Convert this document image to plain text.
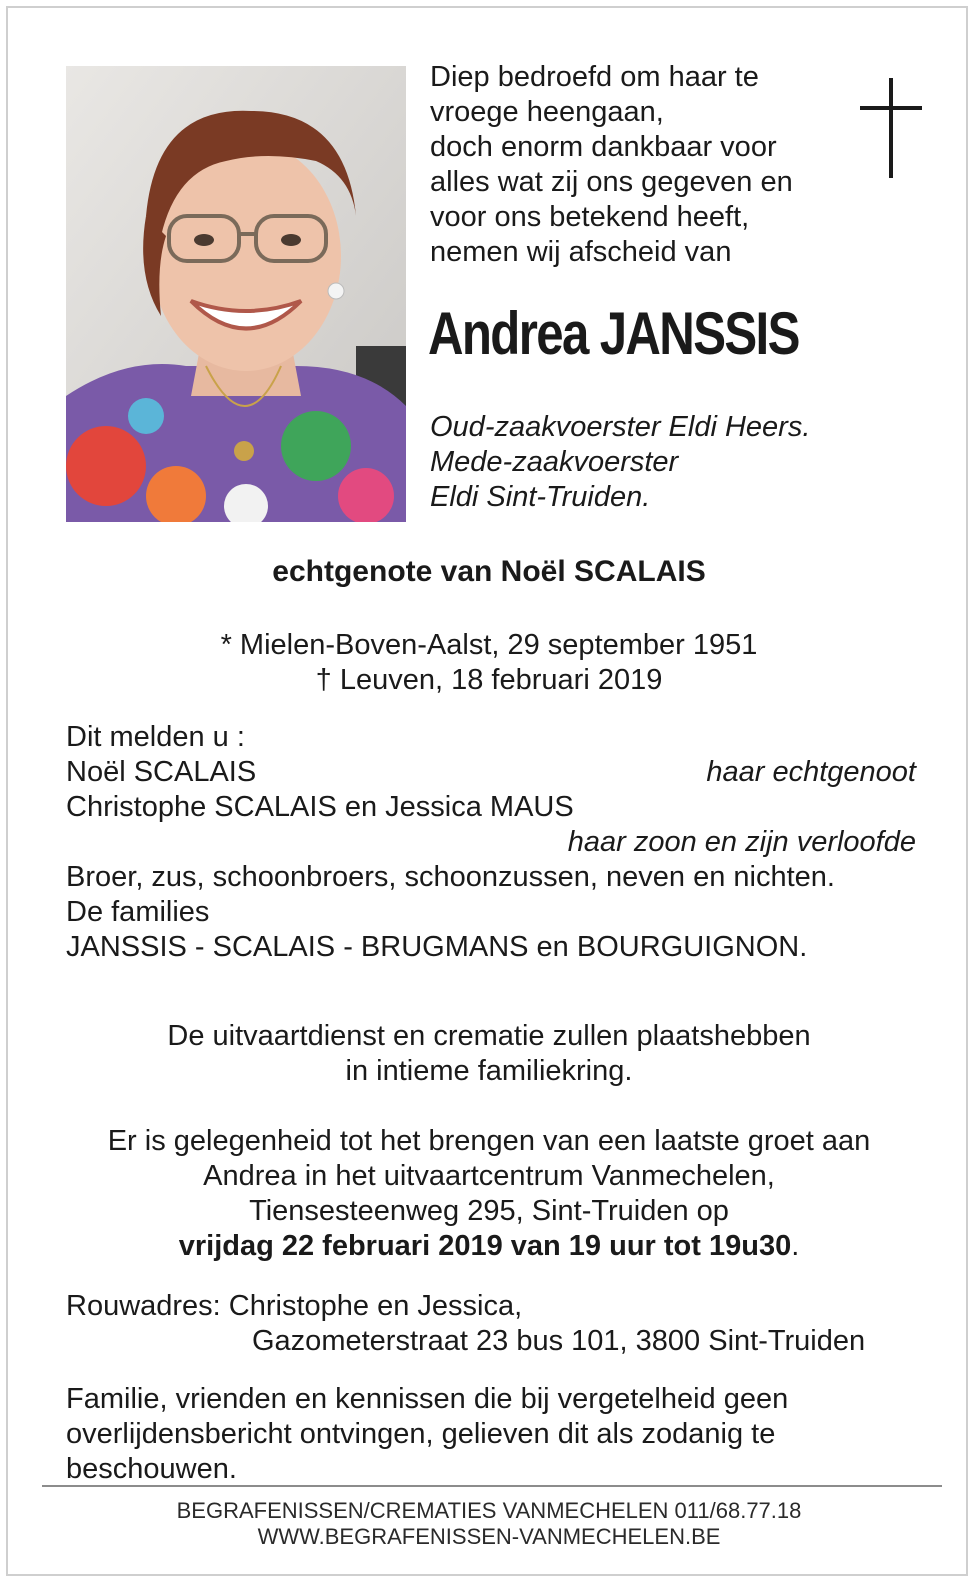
Diep bedroefd om haar te
vroege heengaan,
doch enorm dankbaar voor
alles wat zij ons gegeven en
voor ons betekend heeft,
nemen wij afscheid van
Andrea JANSSIS
Oud-zaakvoerster Eldi Heers.
Mede-zaakvoerster
Eldi Sint-Truiden.
echtgenote van Noël SCALAIS
* Mielen-Boven-Aalst, 29 september 1951
† Leuven, 18 februari 2019
Dit melden u :
Noël SCALAIS	haar echtgenoot
Christophe SCALAIS en Jessica MAUS
haar zoon en zijn verloofde
Broer, zus, schoonbroers, schoonzussen, neven en nichten.
De families
JANSSIS - SCALAIS - BRUGMANS en BOURGUIGNON.
De uitvaartdienst en crematie zullen plaatshebben
in intieme familiekring.
Er is gelegenheid tot het brengen van een laatste groet aan
Andrea in het uitvaartcentrum Vanmechelen,
Tiensesteenweg 295, Sint-Truiden op
vrijdag 22 februari 2019 van 19 uur tot 19u30.
Rouwadres: Christophe en Jessica,
Gazometerstraat 23 bus 101, 3800 Sint-Truiden
Familie, vrienden en kennissen die bij vergetelheid geen
overlijdensbericht ontvingen, gelieven dit als zodanig te
beschouwen.
BEGRAFENISSEN/CREMATIES VANMECHELEN 011/68.77.18
WWW.BEGRAFENISSEN-VANMECHELEN.BE
